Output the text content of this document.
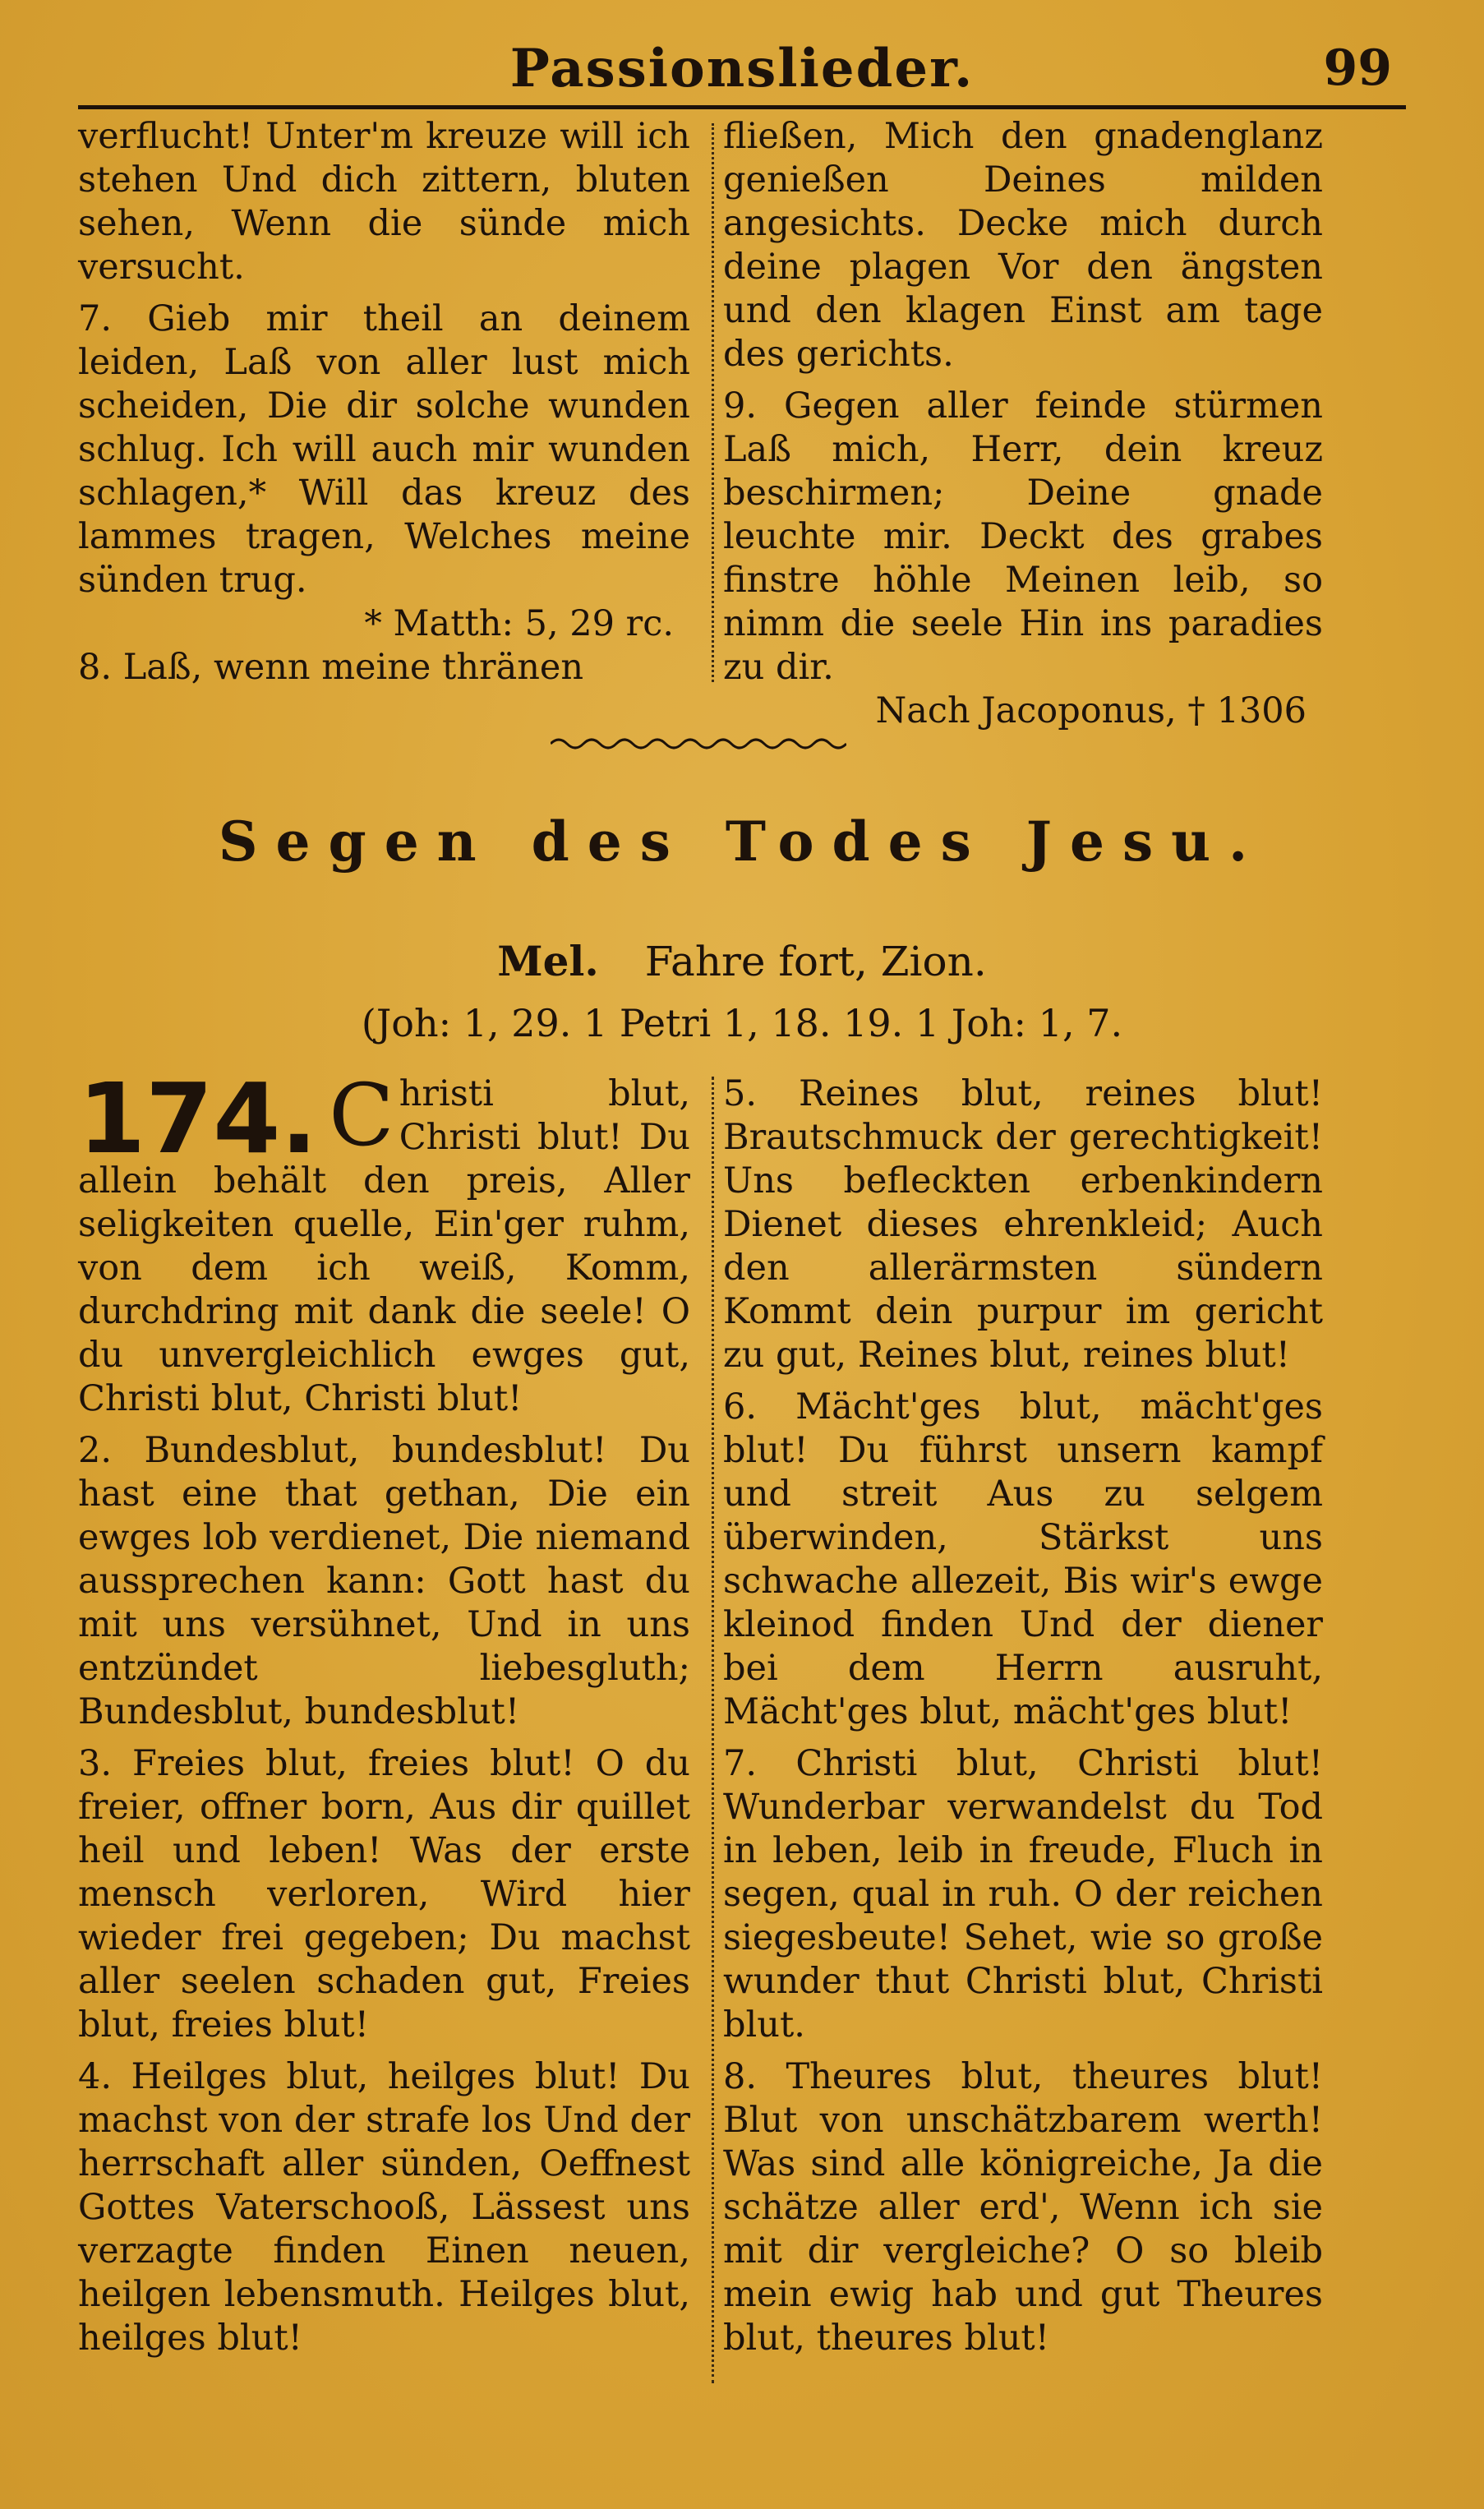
Passionslieder.	99

verflucht! Unter'm kreuze will ich stehen Und dich zittern, bluten sehen, Wenn die sünde mich versucht.

7. Gieb mir theil an deinem leiden, Laß von aller lust mich scheiden, Die dir solche wunden schlug. Ich will auch mir wunden schlagen,* Will das kreuz des lammes tragen, Welches meine sünden trug.

* Matth: 5, 29 rc.

8. Laß, wenn meine thränen

fließen, Mich den gnadenglanz genießen Deines milden angesichts. Decke mich durch deine plagen Vor den ängsten und den klagen Einst am tage des gerichts.

9. Gegen aller feinde stürmen Laß mich, Herr, dein kreuz beschirmen; Deine gnade leuchte mir. Deckt des grabes finstre höhle Meinen leib, so nimm die seele Hin ins paradies zu dir.

Nach Jacoponus, † 1306

Segen des Todes Jesu.
Mel. Fahre fort, Zion.
(Joh: 1, 29. 1 Petri 1, 18. 19. 1 Joh: 1, 7.

174. C hristi blut, Christi blut! Du allein behält den preis, Aller seligkeiten quelle, Ein'ger ruhm, von dem ich weiß, Komm, durchdring mit dank die seele! O du unvergleichlich ewges gut, Christi blut, Christi blut!

2. Bundesblut, bundesblut! Du hast eine that gethan, Die ein ewges lob verdienet, Die niemand aussprechen kann: Gott hast du mit uns versühnet, Und in uns entzündet liebesgluth; Bundesblut, bundesblut!

3. Freies blut, freies blut! O du freier, offner born, Aus dir quillet heil und leben! Was der erste mensch verloren, Wird hier wieder frei gegeben; Du machst aller seelen schaden gut, Freies blut, freies blut!

4. Heilges blut, heilges blut! Du machst von der strafe los Und der herrschaft aller sünden, Oeffnest Gottes Vaterschooß, Lässest uns verzagte finden Einen neuen, heilgen lebensmuth. Heilges blut, heilges blut!

5. Reines blut, reines blut! Brautschmuck der gerechtigkeit! Uns befleckten erbenkindern Dienet dieses ehrenkleid; Auch den allerärmsten sündern Kommt dein purpur im gericht zu gut, Reines blut, reines blut!

6. Mächt'ges blut, mächt'ges blut! Du führst unsern kampf und streit Aus zu selgem überwinden, Stärkst uns schwache allezeit, Bis wir's ewge kleinod finden Und der diener bei dem Herrn ausruht, Mächt'ges blut, mächt'ges blut!

7. Christi blut, Christi blut! Wunderbar verwandelst du Tod in leben, leib in freude, Fluch in segen, qual in ruh. O der reichen siegesbeute! Sehet, wie so große wunder thut Christi blut, Christi blut.

8. Theures blut, theures blut! Blut von unschätzbarem werth! Was sind alle königreiche, Ja die schätze aller erd', Wenn ich sie mit dir vergleiche? O so bleib mein ewig hab und gut Theures blut, theures blut!
